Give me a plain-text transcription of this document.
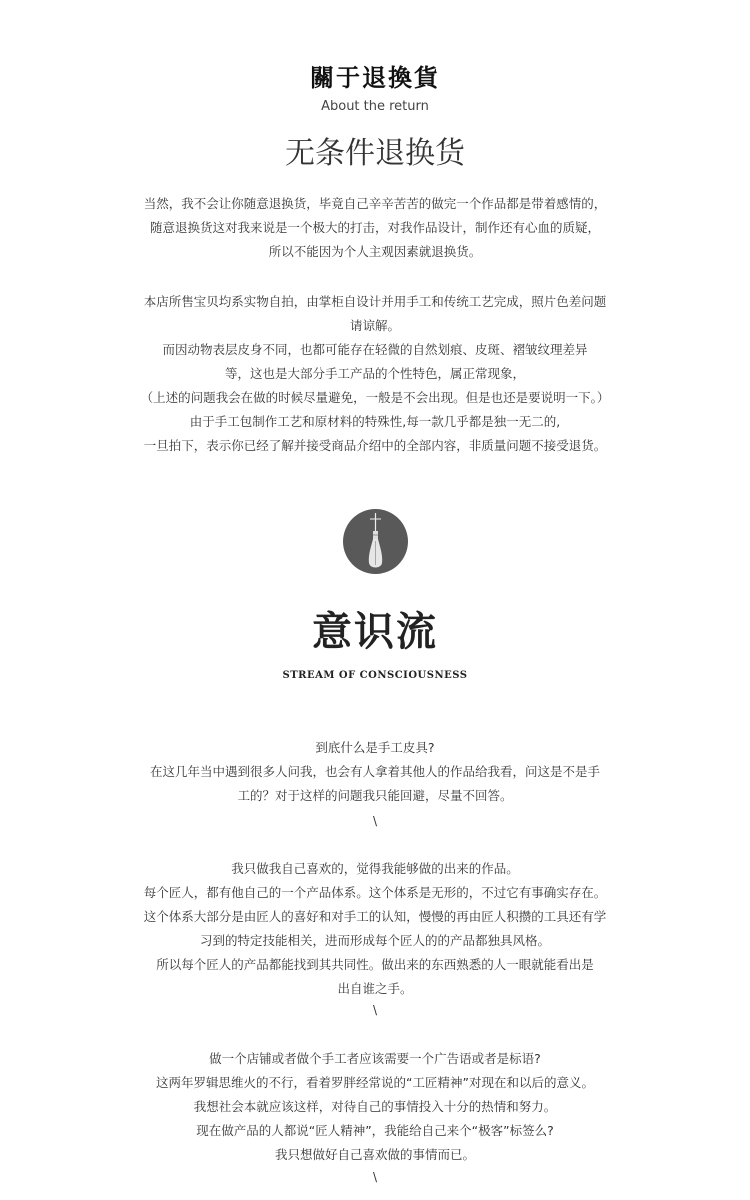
關于退換貨
About the return
无条件退换货
当然，我不会让你随意退换货，毕竟自己辛辛苦苦的做完一个作品都是带着感情的，
随意退换货这对我来说是一个极大的打击，对我作品设计，制作还有心血的质疑，
所以不能因为个人主观因素就退换货。
本店所售宝贝均系实物自拍，由掌柜自设计并用手工和传统工艺完成，照片色差问题
请谅解。
而因动物表层皮身不同，也都可能存在轻微的自然划痕、皮斑、褶皱纹理差异
等，这也是大部分手工产品的个性特色，属正常现象，
（上述的问题我会在做的时候尽量避免，一般是不会出现。但是也还是要说明一下。）
由于手工包制作工艺和原材料的特殊性,每一款几乎都是独一无二的,
一旦拍下，表示你已经了解并接受商品介绍中的全部内容，非质量问题不接受退货。
意识流
STREAM OF CONSCIOUSNESS
到底什么是手工皮具?
在这几年当中遇到很多人问我，也会有人拿着其他人的作品给我看，问这是不是手
工的？对于这样的问题我只能回避，尽量不回答。
\
我只做我自己喜欢的，觉得我能够做的出来的作品。
每个匠人，都有他自己的一个产品体系。这个体系是无形的，不过它有事确实存在。
这个体系大部分是由匠人的喜好和对手工的认知，慢慢的再由匠人积攒的工具还有学
习到的特定技能相关，进而形成每个匠人的的产品都独具风格。
所以每个匠人的产品都能找到其共同性。做出来的东西熟悉的人一眼就能看出是
出自谁之手。
\
做一个店铺或者做个手工者应该需要一个广告语或者是标语?
这两年罗辑思维火的不行，看着罗胖经常说的“工匠精神”对现在和以后的意义。
我想社会本就应该这样，对待自己的事情投入十分的热情和努力。
现在做产品的人都说“匠人精神”，我能给自己来个“极客”标签么?
我只想做好自己喜欢做的事情而已。
\
